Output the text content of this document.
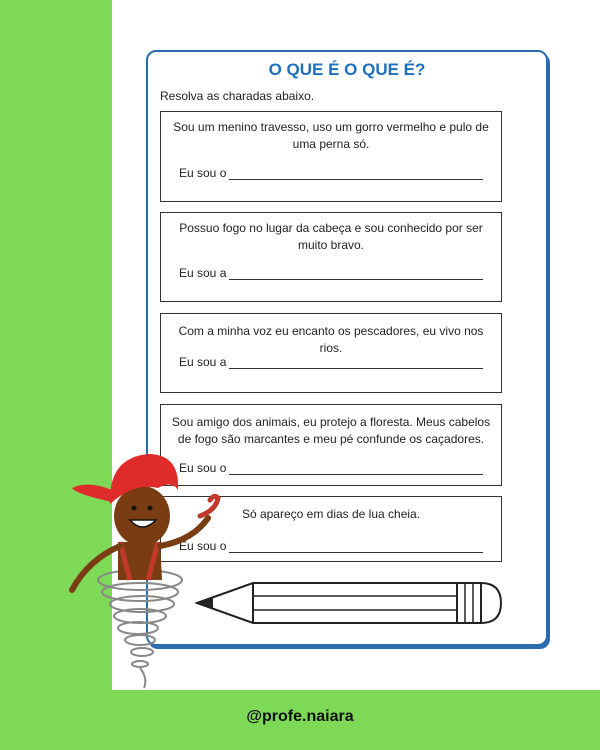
O QUE É O QUE É?
Resolva as charadas abaixo.
Sou um menino travesso, uso um gorro vermelho e pulo de uma perna só.
Eu sou o
Possuo fogo no lugar da cabeça e sou conhecido por ser muito bravo.
Eu sou a
Com a minha voz eu encanto os pescadores, eu vivo nos rios.
Eu sou a
Sou amigo dos animais, eu protejo a floresta. Meus cabelos de fogo são marcantes e meu pé confunde os caçadores.
Eu sou o
Só apareço em dias de lua cheia.
Eu sou o
@profe.naiara
